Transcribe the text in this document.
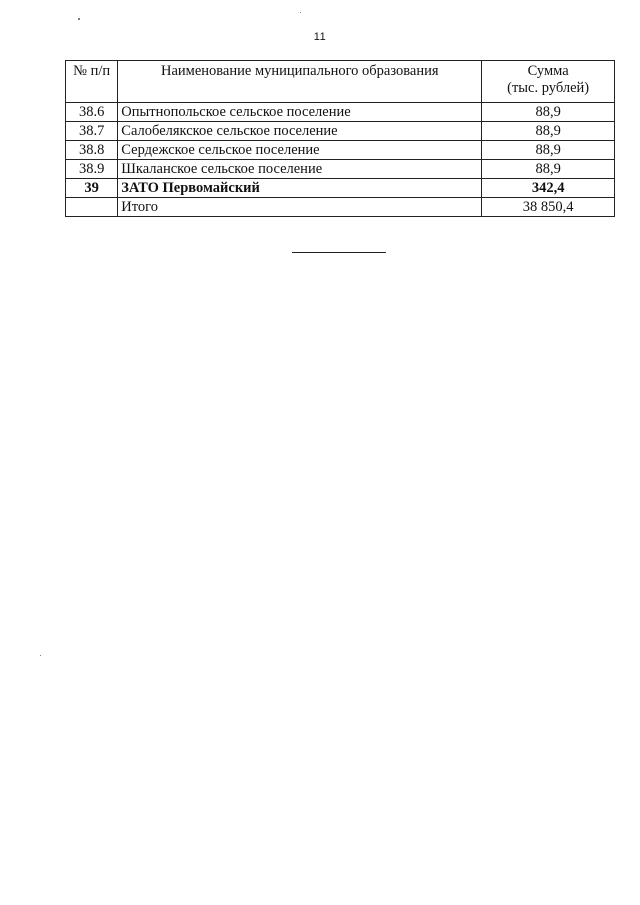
11
№ п/п	Наименование муниципального образования	Сумма
(тыс. рублей)

38.6	Опытнопольское сельское поселение	88,9
38.7	Салобелякское сельское поселение	88,9
38.8	Сердежское сельское поселение	88,9
38.9	Шкаланское сельское поселение	88,9
39	ЗАТО Первомайский	342,4
	Итого	38 850,4
